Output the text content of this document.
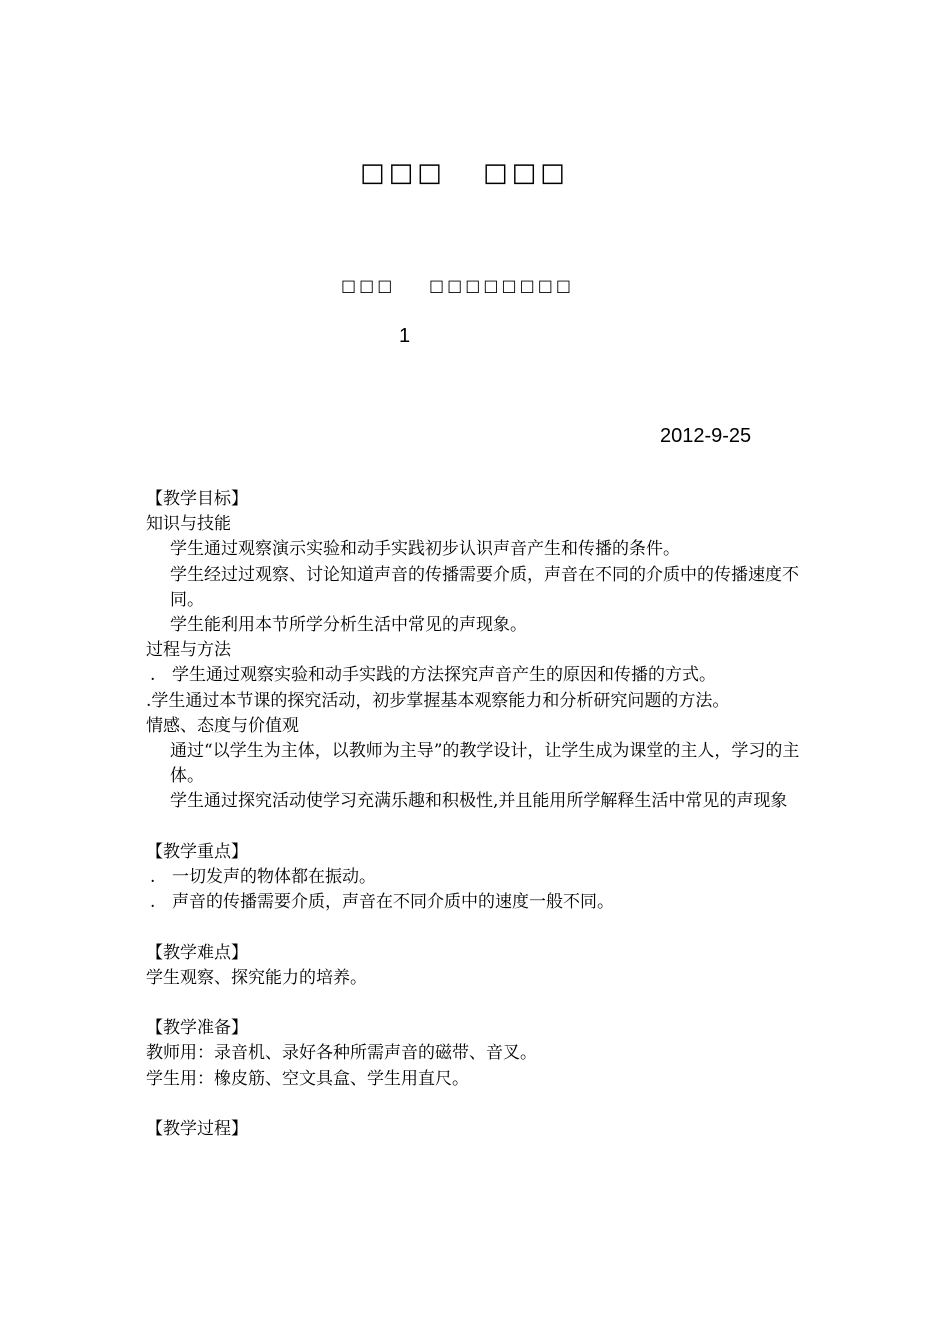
□□□ □□□
□□□ □□□□□□□□
1
2012-9-25
【教学目标】
知识与技能
学生通过观察演示实验和动手实践初步认识声音产生和传播的条件。
学生经过过观察、讨论知道声音的传播需要介质，声音在不同的介质中的传播速度不同。
学生能利用本节所学分析生活中常见的声现象。
过程与方法
. 学生通过观察实验和动手实践的方法探究声音产生的原因和传播的方式。
.学生通过本节课的探究活动，初步掌握基本观察能力和分析研究问题的方法。
情感、态度与价值观
通过“以学生为主体，以教师为主导”的教学设计，让学生成为课堂的主人，学习的主体。
学生通过探究活动使学习充满乐趣和积极性,并且能用所学解释生活中常见的声现象
【教学重点】
. 一切发声的物体都在振动。
. 声音的传播需要介质，声音在不同介质中的速度一般不同。
【教学难点】
学生观察、探究能力的培养。
【教学准备】
教师用：录音机、录好各种所需声音的磁带、音叉。
学生用：橡皮筋、空文具盒、学生用直尺。
【教学过程】
